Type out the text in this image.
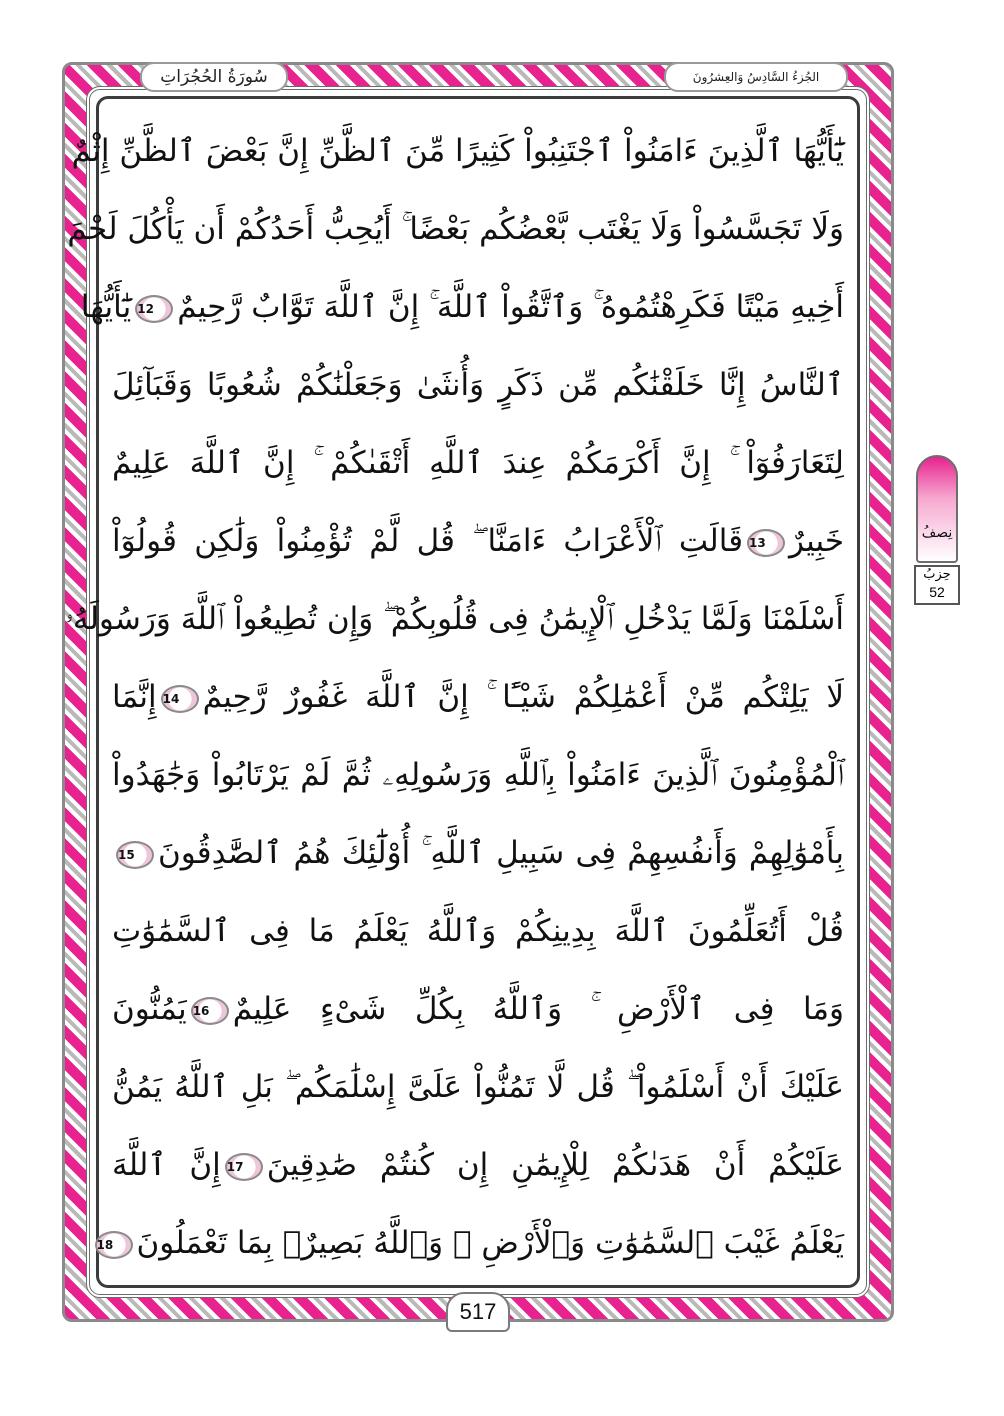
سُورَةُ الحُجُرَاتِ	الجُزءُ السَّادِسُ وَالعِشرُونَ
يَٰٓأَيُّهَا ٱلَّذِينَ ءَامَنُواْ ٱجْتَنِبُواْ كَثِيرًا مِّنَ ٱلظَّنِّ إِنَّ بَعْضَ ٱلظَّنِّ إِثْمٌ
وَلَا تَجَسَّسُواْ وَلَا يَغْتَب بَّعْضُكُم بَعْضًا ۚ أَيُحِبُّ أَحَدُكُمْ أَن يَأْكُلَ لَحْمَ
أَخِيهِ مَيْتًا فَكَرِهْتُمُوهُ ۚ وَٱتَّقُواْ ٱللَّهَ ۚ إِنَّ ٱللَّهَ تَوَّابٌ رَّحِيمٌ12يَٰٓأَيُّهَا
ٱلنَّاسُ إِنَّا خَلَقْنَٰكُم مِّن ذَكَرٍ وَأُنثَىٰ وَجَعَلْنَٰكُمْ شُعُوبًا وَقَبَآئِلَ
لِتَعَارَفُوٓاْ ۚ إِنَّ أَكْرَمَكُمْ عِندَ ٱللَّهِ أَتْقَىٰكُمْ ۚ إِنَّ ٱللَّهَ عَلِيمٌ
خَبِيرٌ13قَالَتِ ٱلْأَعْرَابُ ءَامَنَّا ۖ قُل لَّمْ تُؤْمِنُواْ وَلَٰكِن قُولُوٓاْ
أَسْلَمْنَا وَلَمَّا يَدْخُلِ ٱلْإِيمَٰنُ فِى قُلُوبِكُمْ ۖ وَإِن تُطِيعُواْ ٱللَّهَ وَرَسُولَهُۥ
لَا يَلِتْكُم مِّنْ أَعْمَٰلِكُمْ شَيْـًٔا ۚ إِنَّ ٱللَّهَ غَفُورٌ رَّحِيمٌ14إِنَّمَا
ٱلْمُؤْمِنُونَ ٱلَّذِينَ ءَامَنُواْ بِٱللَّهِ وَرَسُولِهِۦ ثُمَّ لَمْ يَرْتَابُواْ وَجَٰهَدُواْ
بِأَمْوَٰلِهِمْ وَأَنفُسِهِمْ فِى سَبِيلِ ٱللَّهِ ۚ أُوْلَٰٓئِكَ هُمُ ٱلصَّٰدِقُونَ15
قُلْ أَتُعَلِّمُونَ ٱللَّهَ بِدِينِكُمْ وَٱللَّهُ يَعْلَمُ مَا فِى ٱلسَّمَٰوَٰتِ
وَمَا فِى ٱلْأَرْضِ ۚ وَٱللَّهُ بِكُلِّ شَىْءٍ عَلِيمٌ16يَمُنُّونَ
عَلَيْكَ أَنْ أَسْلَمُواْ ۖ قُل لَّا تَمُنُّواْ عَلَىَّ إِسْلَٰمَكُم ۖ بَلِ ٱللَّهُ يَمُنُّ
عَلَيْكُمْ أَنْ هَدَىٰكُمْ لِلْإِيمَٰنِ إِن كُنتُمْ صَٰدِقِينَ17إِنَّ ٱللَّهَ
يَعْلَمُ غَيْبَ ٱلسَّمَٰوَٰتِ وَٱلْأَرْضِ ۚ وَٱللَّهُ بَصِيرٌۢ بِمَا تَعْمَلُونَ18
517
نِصفُ
حِزبُ
52
